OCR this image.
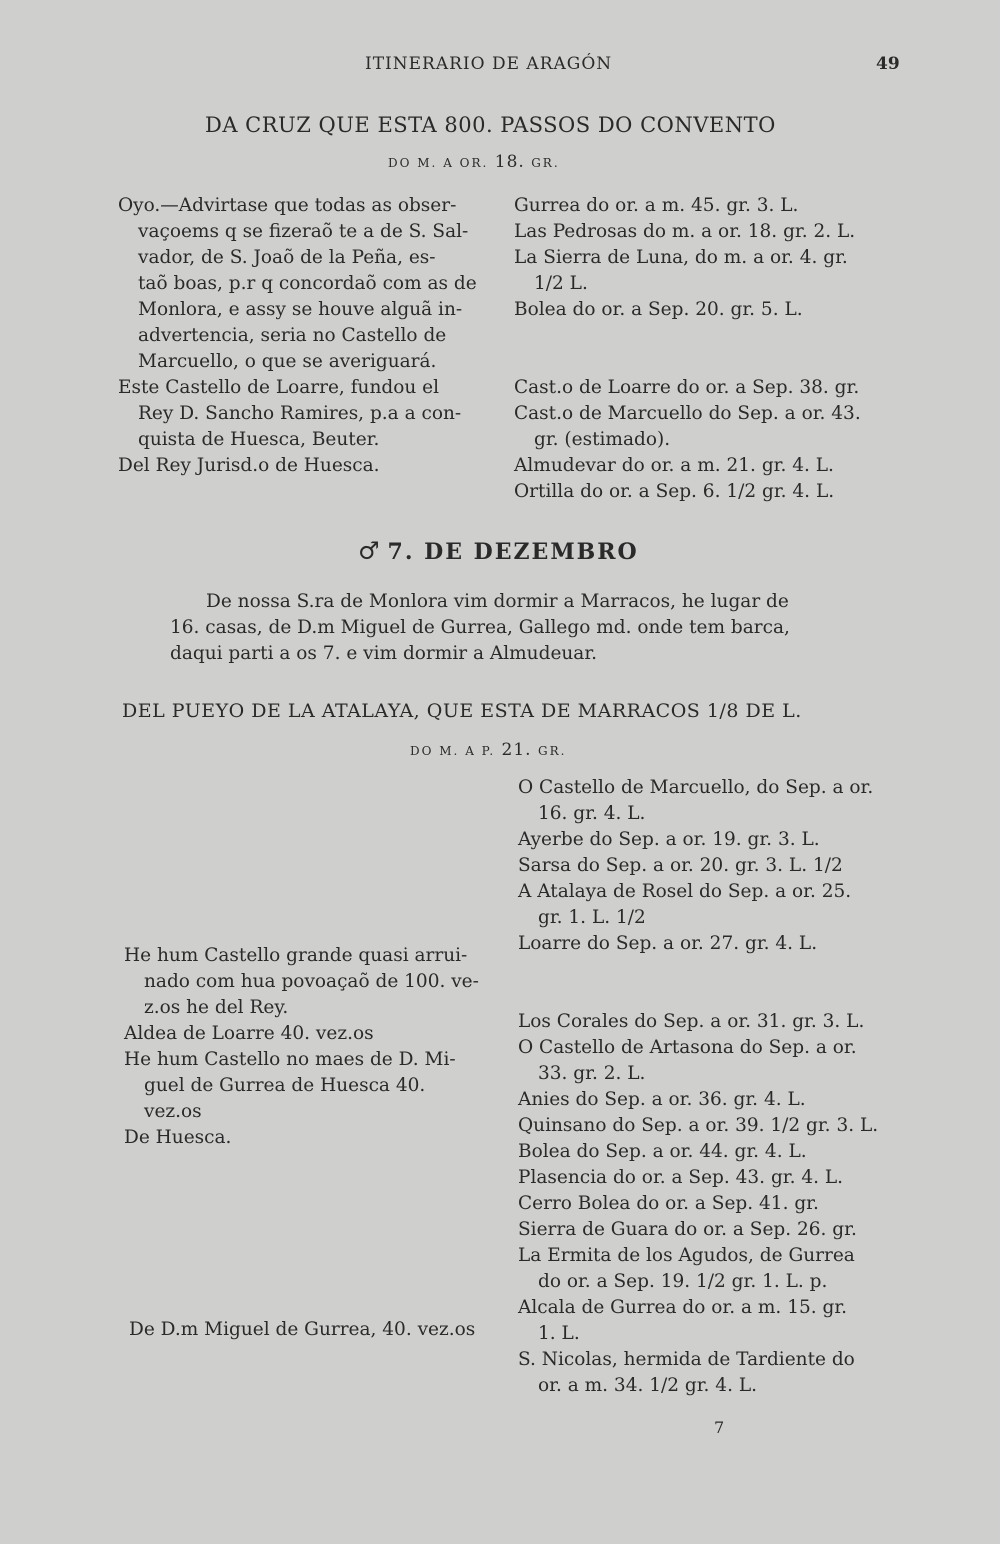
ITINERARIO DE ARAGÓN	49
DA CRUZ QUE ESTA 800. PASSOS DO CONVENTO
DO M. A OR. 18. GR.

Oyo.—Advirtase que todas as obser-

vaçoems q se fizeraõ te a de S. Sal-

vador, de S. Joaõ de la Peña, es-

taõ boas, p.r q concordaõ com as de

Monlora, e assy se houve alguã in-

advertencia, seria no Castello de

Marcuello, o que se averiguará.

Este Castello de Loarre, fundou el

Rey D. Sancho Ramires, p.a a con-

quista de Huesca, Beuter.

Del Rey Jurisd.o de Huesca.

Gurrea do or. a m. 45. gr. 3. L.

Las Pedrosas do m. a or. 18. gr. 2. L.

La Sierra de Luna, do m. a or. 4. gr.

1/2 L.

Bolea do or. a Sep. 20. gr. 5. L.

Cast.o de Loarre do or. a Sep. 38. gr.

Cast.o de Marcuello do Sep. a or. 43.

gr. (estimado).

Almudevar do or. a m. 21. gr. 4. L.

Ortilla do or. a Sep. 6. 1/2 gr. 4. L.

♂ 7. DE DEZEMBRO

De nossa S.ra de Monlora vim dormir a Marracos, he lugar de

16. casas, de D.m Miguel de Gurrea, Gallego md. onde tem barca,

daqui parti a os 7. e vim dormir a Almudeuar.

DEL PUEYO DE LA ATALAYA, QUE ESTA DE MARRACOS 1/8 DE L.
DO M. A P. 21. GR.

He hum Castello grande quasi arrui-

nado com hua povoaçaõ de 100. ve-

z.os he del Rey.

Aldea de Loarre 40. vez.os

He hum Castello no maes de D. Mi-

guel de Gurrea de Huesca 40.

vez.os

De Huesca.

De D.m Miguel de Gurrea, 40. vez.os

O Castello de Marcuello, do Sep. a or.

16. gr. 4. L.

Ayerbe do Sep. a or. 19. gr. 3. L.

Sarsa do Sep. a or. 20. gr. 3. L. 1/2

A Atalaya de Rosel do Sep. a or. 25.

gr. 1. L. 1/2

Loarre do Sep. a or. 27. gr. 4. L.

Los Corales do Sep. a or. 31. gr. 3. L.

O Castello de Artasona do Sep. a or.

33. gr. 2. L.

Anies do Sep. a or. 36. gr. 4. L.

Quinsano do Sep. a or. 39. 1/2 gr. 3. L.

Bolea do Sep. a or. 44. gr. 4. L.

Plasencia do or. a Sep. 43. gr. 4. L.

Cerro Bolea do or. a Sep. 41. gr.

Sierra de Guara do or. a Sep. 26. gr.

La Ermita de los Agudos, de Gurrea

do or. a Sep. 19. 1/2 gr. 1. L. p.

Alcala de Gurrea do or. a m. 15. gr.

1. L.

S. Nicolas, hermida de Tardiente do

or. a m. 34. 1/2 gr. 4. L.

7
